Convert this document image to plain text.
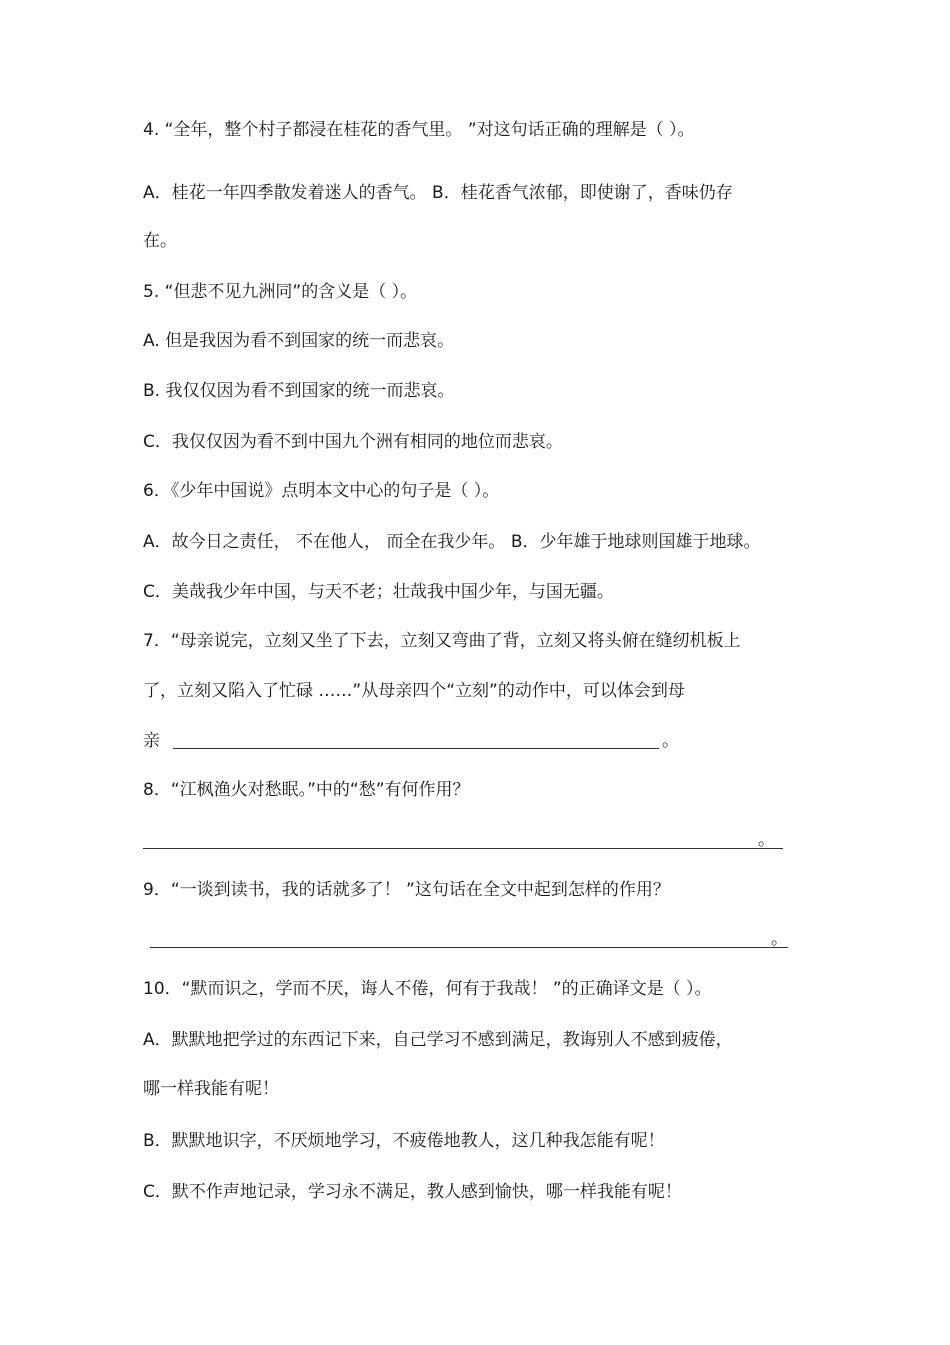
4. “全年，整个村子都浸在桂花的香气里。 ”对这句话正确的理解是（ ）。
A．桂花一年四季散发着迷人的香气。 B．桂花香气浓郁，即使谢了，香味仍存
在。
5. “但悲不见九洲同”的含义是（ ）。
A. 但是我因为看不到国家的统一而悲哀。
B. 我仅仅因为看不到国家的统一而悲哀。
C．我仅仅因为看不到中国九个洲有相同的地位而悲哀。
6．《少年中国说》点明本文中心的句子是（ ）。
A．故今日之责任， 不在他人， 而全在我少年。 B．少年雄于地球则国雄于地球。
C．美哉我少年中国，与天不老；壮哉我中国少年，与国无疆。
7．“母亲说完，立刻又坐了下去，立刻又弯曲了背，立刻又将头俯在缝纫机板上
了，立刻又陷入了忙碌 ……”从母亲四个“立刻”的动作中，可以体会到母
亲	。
8．“江枫渔火对愁眠。”中的“愁”有何作用？
。
9．“一谈到读书，我的话就多了！ ”这句话在全文中起到怎样的作用？
。
10．“默而识之，学而不厌，诲人不倦，何有于我哉！ ”的正确译文是（ ）。
A．默默地把学过的东西记下来，自己学习不感到满足，教诲别人不感到疲倦，
哪一样我能有呢！
B．默默地识字，不厌烦地学习，不疲倦地教人，这几种我怎能有呢！
C．默不作声地记录，学习永不满足，教人感到愉快，哪一样我能有呢！
